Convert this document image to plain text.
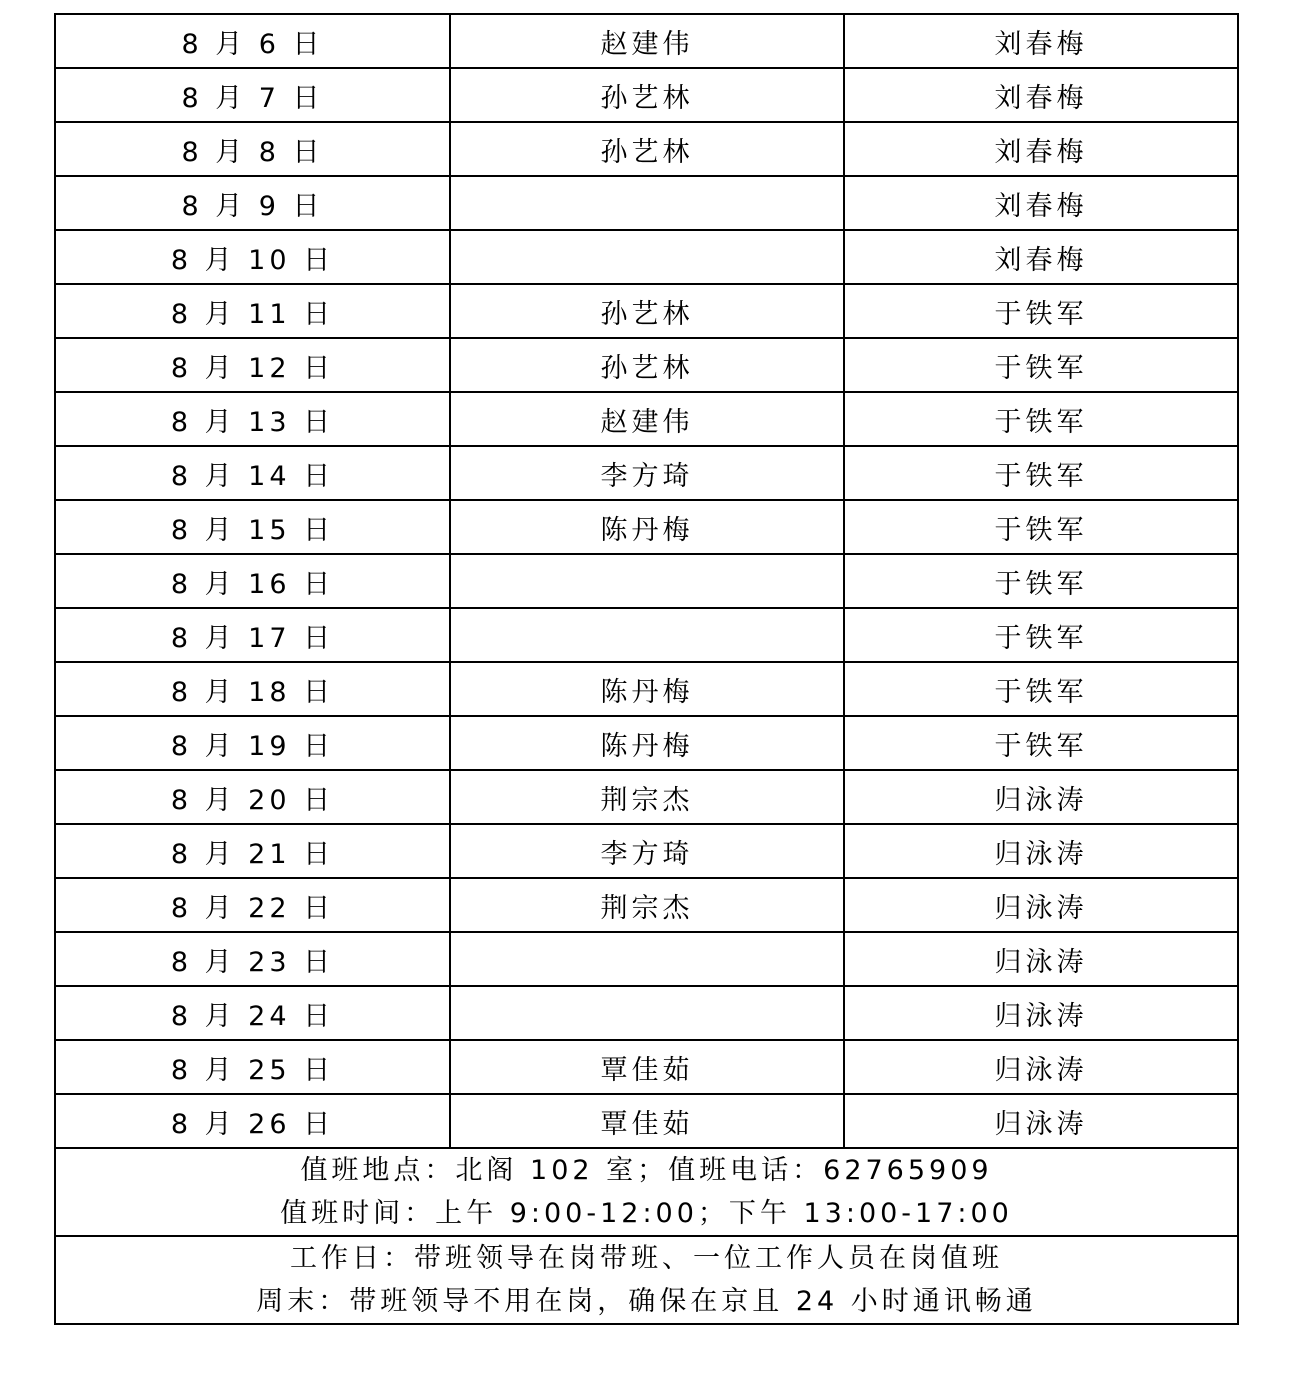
8 月 6 日	赵建伟	刘春梅
8 月 7 日	孙艺林	刘春梅
8 月 8 日	孙艺林	刘春梅
8 月 9 日		刘春梅
8 月 10 日		刘春梅
8 月 11 日	孙艺林	于铁军
8 月 12 日	孙艺林	于铁军
8 月 13 日	赵建伟	于铁军
8 月 14 日	李方琦	于铁军
8 月 15 日	陈丹梅	于铁军
8 月 16 日		于铁军
8 月 17 日		于铁军
8 月 18 日	陈丹梅	于铁军
8 月 19 日	陈丹梅	于铁军
8 月 20 日	荆宗杰	归泳涛
8 月 21 日	李方琦	归泳涛
8 月 22 日	荆宗杰	归泳涛
8 月 23 日		归泳涛
8 月 24 日		归泳涛
8 月 25 日	覃佳茹	归泳涛
8 月 26 日	覃佳茹	归泳涛

值班地点：北阁 102 室；值班电话：62765909
值班时间：上午 9:00-12:00；下午 13:00-17:00		

工作日：带班领导在岗带班、一位工作人员在岗值班
周末：带班领导不用在岗，确保在京且 24 小时通讯畅通		
